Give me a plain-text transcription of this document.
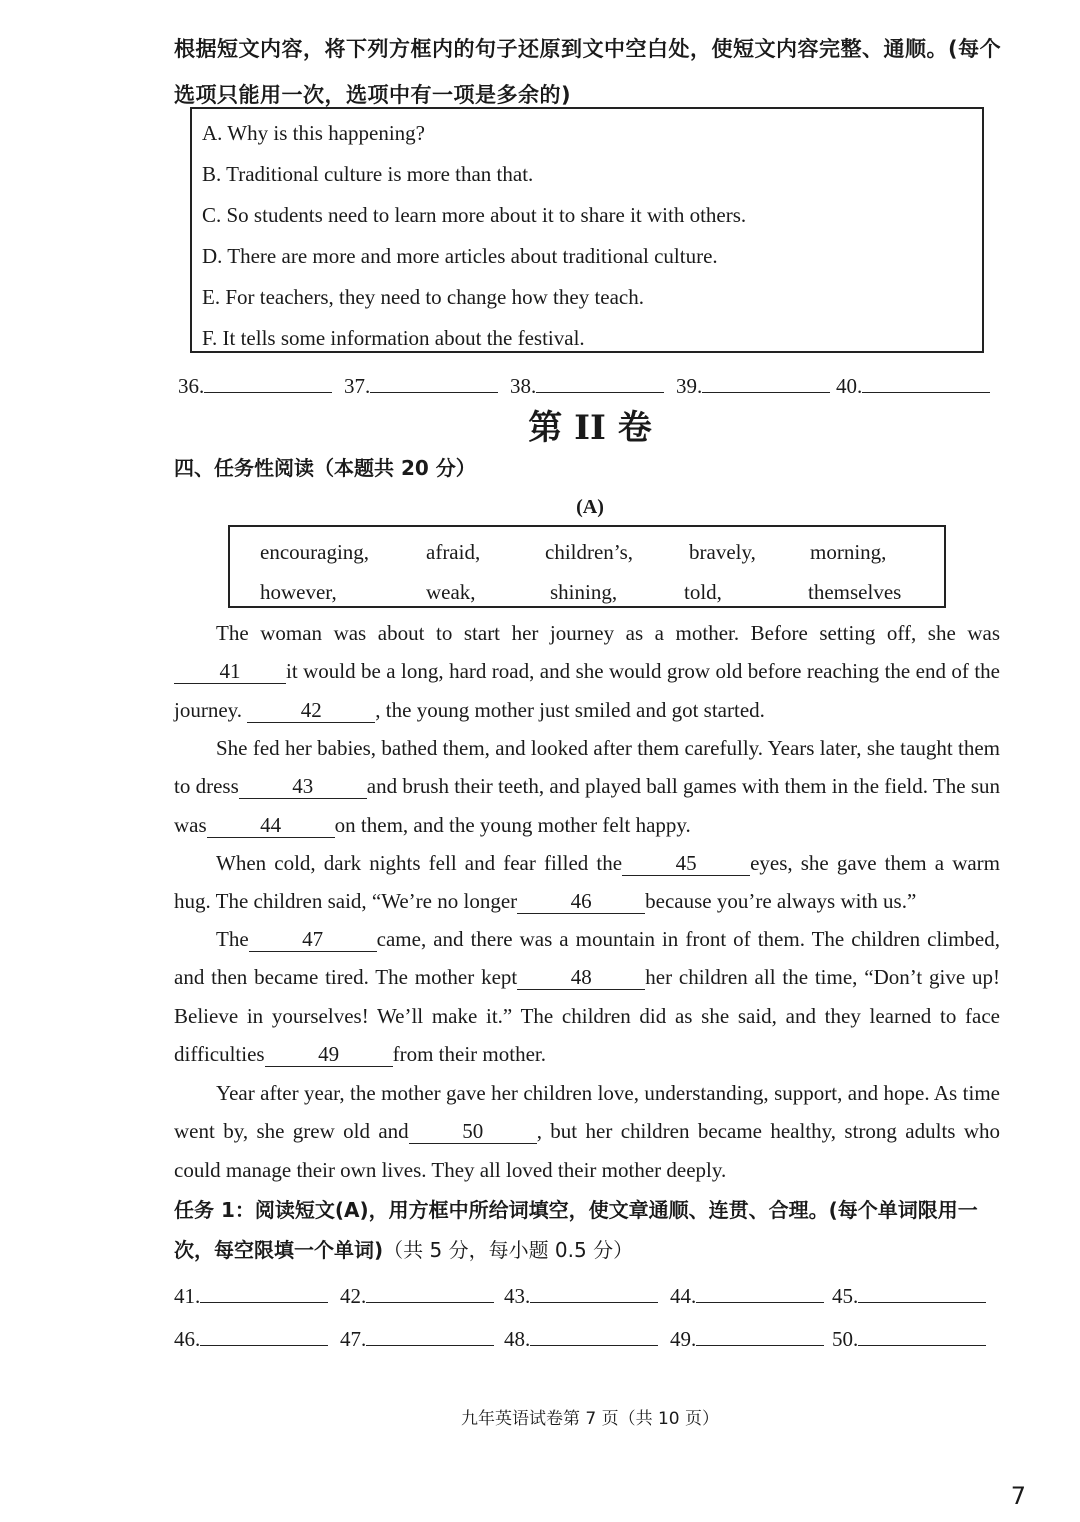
根据短文内容，将下列方框内的句子还原到文中空白处，使短文内容完整、通顺。(每个
选项只能用一次，选项中有一项是多余的)
A. Why is this happening?
B. Traditional culture is more than that.
C. So students need to learn more about it to share it with others.
D. There are more and more articles about traditional culture.
E. For teachers, they need to change how they teach.
F. It tells some information about the festival.
36.	37.	38.	39.	40.
第 II 卷
四、任务性阅读（本题共 20 分）
(A)
encouraging,	afraid,	children’s,	bravely,	morning,
however,	weak,	shining,	told,	themselves
The woman was about to start her journey as a mother. Before setting off, she was41 it would be a long, hard road, and she would grow old before reaching the end of the journey.	42	, the young mother just smiled and got started.
She fed her babies, bathed them, and looked after them carefully. Years later, she taught them to dress	43	and brush their teeth, and played ball games with them in the field. The sun was	44	on them, and the young mother felt happy.
When cold, dark nights fell and fear filled the	45	eyes, she gave them a warm hug. The children said, “We’re no longer	46	because you’re always with us.”
The	47	came, and there was a mountain in front of them. The children climbed, and then became tired. The mother kept	48	her children all the time, “Don’t give up! Believe in yourselves! We’ll make it.” The children did as she said, and they learned to face difficulties	49	from their mother.
Year after year, the mother gave her children love, understanding, support, and hope. As time went by, she grew old and	50	, but her children became healthy, strong adults who could manage their own lives. They all loved their mother deeply.
任务 1：阅读短文(A)，用方框中所给词填空，使文章通顺、连贯、合理。(每个单词限用一次，每空限填一个单词)（共 5 分，每小题 0.5 分）
41.	42.	43.	44.	45.
46.	47.	48.	49.	50.
九年英语试卷第 7 页（共 10 页）
7
